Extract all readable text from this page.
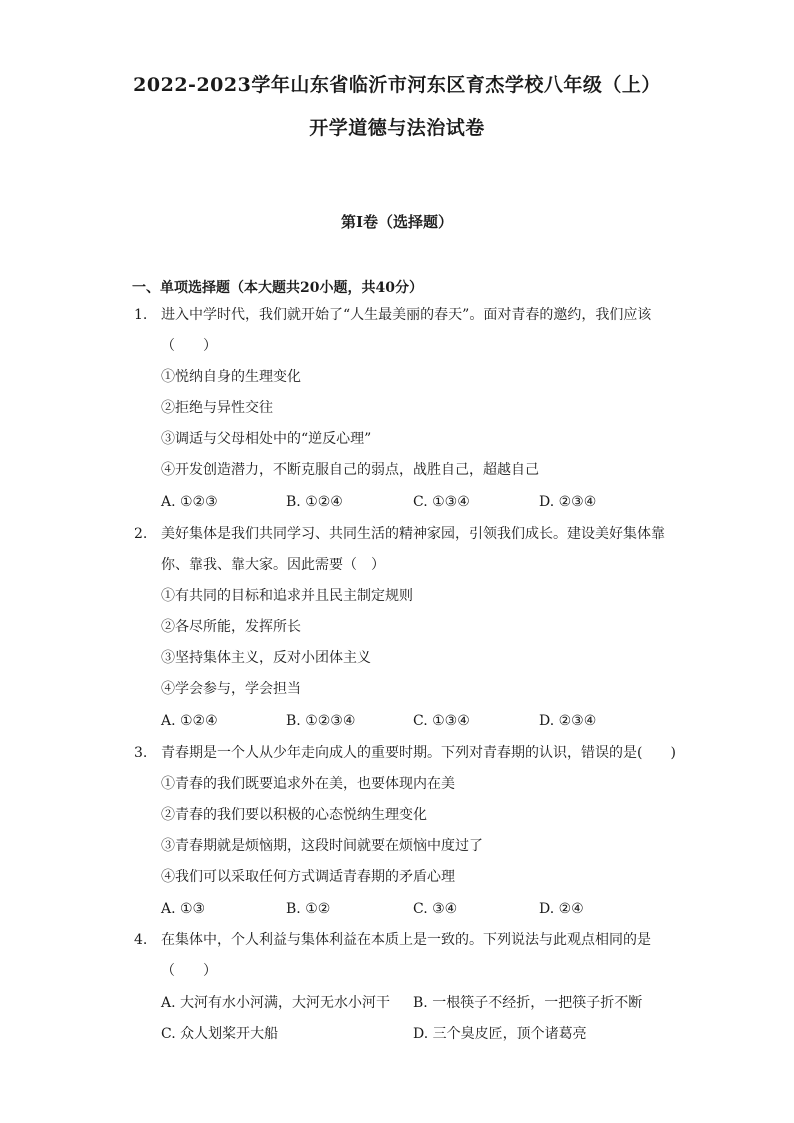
2022-2023学年山东省临沂市河东区育杰学校八年级（上）
开学道德与法治试卷
第I卷（选择题）
一、单项选择题（本大题共20小题，共40分）
1. 进入中学时代，我们就开始了“人生最美丽的春天”。面对青春的邀约，我们应该
（　　）
①悦纳自身的生理变化
②拒绝与异性交往
③调适与父母相处中的“逆反心理”
④开发创造潜力，不断克服自己的弱点，战胜自己，超越自己
A. ①②③	B. ①②④	C. ①③④	D. ②③④
2. 美好集体是我们共同学习、共同生活的精神家园，引领我们成长。建设美好集体靠
你、靠我、靠大家。因此需要（　）
①有共同的目标和追求并且民主制定规则
②各尽所能，发挥所长
③坚持集体主义，反对小团体主义
④学会参与，学会担当
A. ①②④	B. ①②③④	C. ①③④	D. ②③④
3. 青春期是一个人从少年走向成人的重要时期。下列对青春期的认识，错误的是(　　)
①青春的我们既要追求外在美，也要体现内在美
②青春的我们要以积极的心态悦纳生理变化
③青春期就是烦恼期，这段时间就要在烦恼中度过了
④我们可以采取任何方式调适青春期的矛盾心理
A. ①③	B. ①②	C. ③④	D. ②④
4. 在集体中，个人利益与集体利益在本质上是一致的。下列说法与此观点相同的是
（　　）
A. 大河有水小河满，大河无水小河干 B. 一根筷子不经折，一把筷子折不断
C. 众人划桨开大船	D. 三个臭皮匠，顶个诸葛亮
